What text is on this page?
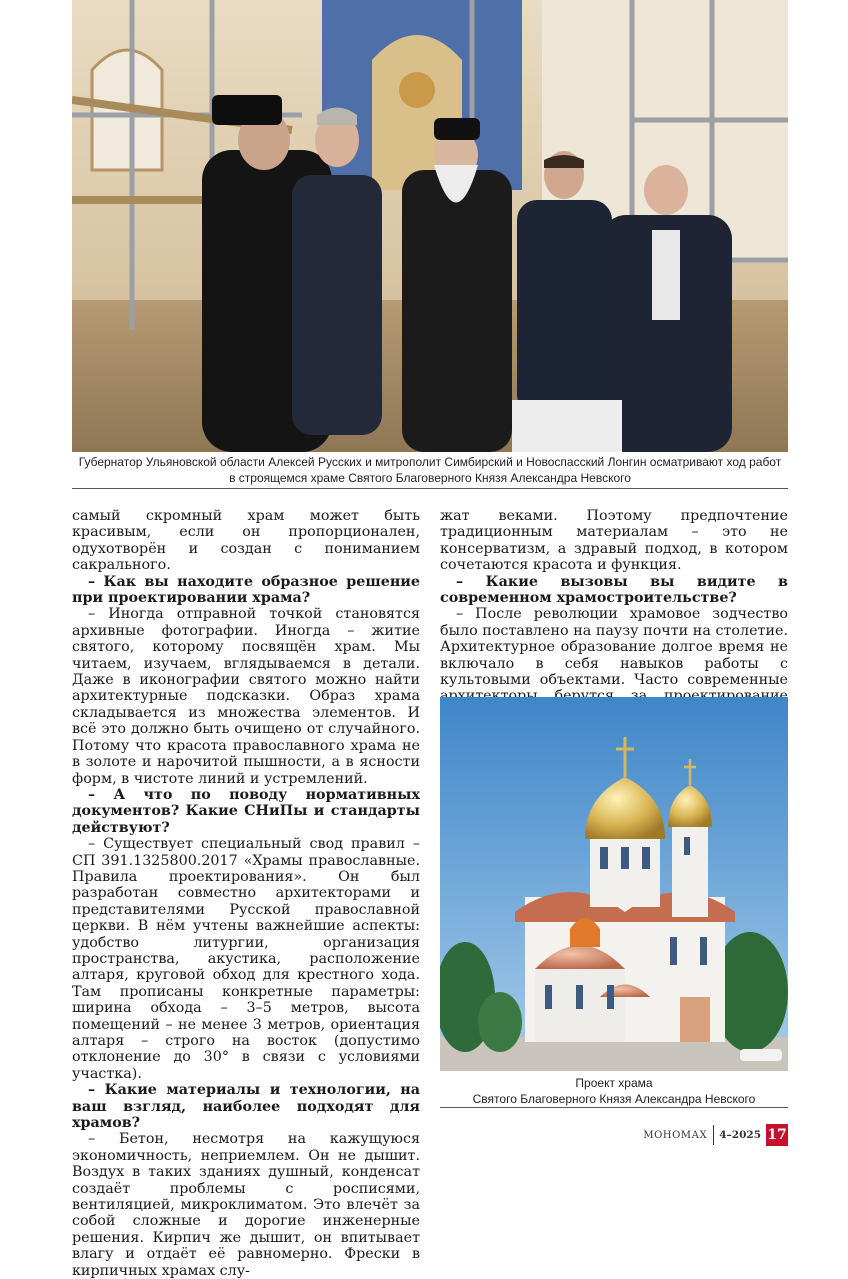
Губернатор Ульяновской области Алексей Русских и митрополит Симбирский и Новоспасский Лонгин осматривают ход работ
в строящемся храме Святого Благоверного Князя Александра Невского

самый скромный храм может быть красивым, если он пропорционален, одухотворён и создан с пониманием сакрального.

– Как вы находите образное решение при проектировании храма?

– Иногда отправной точкой становятся архивные фотографии. Иногда – житие святого, которому посвящён храм. Мы читаем, изучаем, вглядываемся в детали. Даже в иконографии святого можно найти архитектурные подсказки. Образ храма складывается из множества элементов. И всё это должно быть очищено от случайного. Потому что красота православного храма не в золоте и нарочитой пышности, а в ясности форм, в чистоте линий и устремлений.

– А что по поводу нормативных документов? Какие СНиПы и стандарты действуют?

– Существует специальный свод правил – СП 391.1325800.2017 «Храмы православные. Правила проектирования». Он был разработан совместно архитекторами и представителями Русской православной церкви. В нём учтены важнейшие аспекты: удобство литургии, организация пространства, акустика, расположение алтаря, круговой обход для крестного хода. Там прописаны конкретные параметры: ширина обхода – 3–5 метров, высота помещений – не менее 3 метров, ориентация алтаря – строго на восток (допустимо отклонение до 30° в связи с условиями участка).

– Какие материалы и технологии, на ваш взгляд, наиболее подходят для храмов?

– Бетон, несмотря на кажущуюся экономичность, неприемлем. Он не дышит. Воздух в таких зданиях душный, конденсат создаёт проблемы с росписями, вентиляцией, микроклиматом. Это влечёт за собой сложные и дорогие инженерные решения. Кирпич же дышит, он впитывает влагу и отдаёт её равномерно. Фрески в кирпичных храмах слу-

жат веками. Поэтому предпочтение традиционным материалам – это не консерватизм, а здравый подход, в котором сочетаются красота и функция.

– Какие вызовы вы видите в современном храмостроительстве?

– После революции храмовое зодчество было поставлено на паузу почти на столетие. Архитектурное образование долгое время не включало в себя навыков работы с культовыми объектами. Часто современные

Проект храма
Святого Благоверного Князя Александра Невского
МОНОМАХ	4–2025 17
